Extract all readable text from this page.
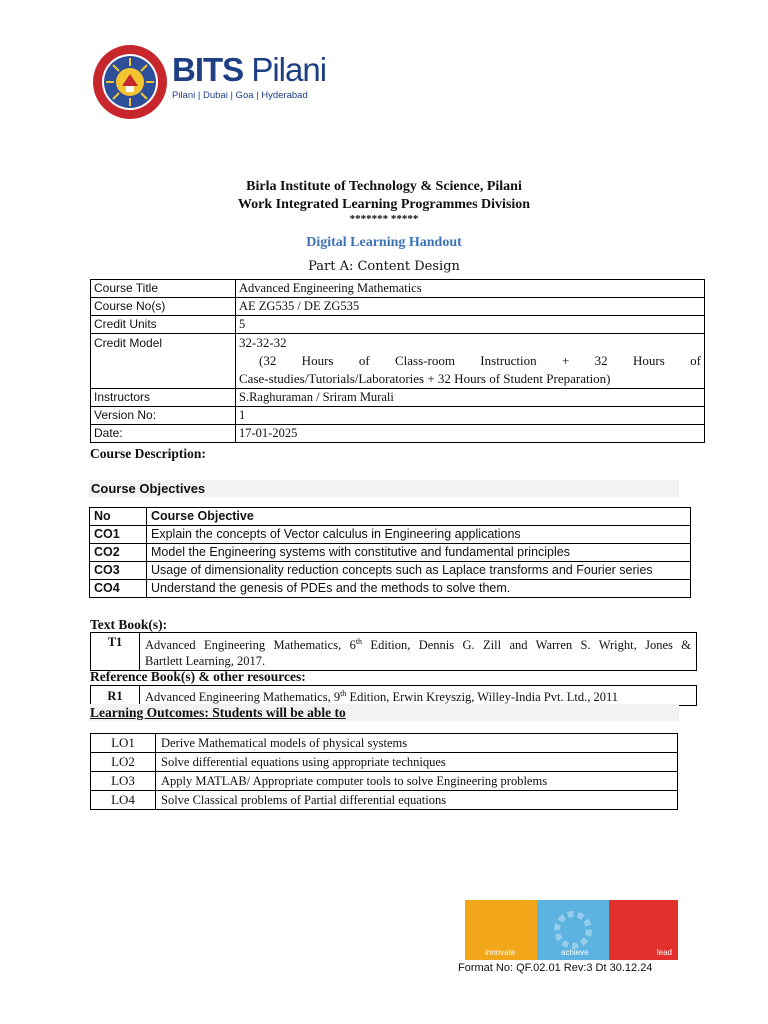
BITS Pilani
Pilani | Dubai | Goa | Hyderabad
Birla Institute of Technology & Science, Pilani
Work Integrated Learning Programmes Division
******* *****
Digital Learning Handout
Part A: Content Design
Course Title	Advanced Engineering Mathematics
Course No(s)	AE ZG535 / DE ZG535
Credit Units	5
Credit Model	32-32-32
(32 Hours of Class-room Instruction + 32 Hours of
Case-studies/Tutorials/Laboratories + 32 Hours of Student Preparation)

Instructors	S.Raghuraman / Sriram Murali
Version No:	1
Date:	17-01-2025
Course Description:
Course Objectives
No	Course Objective
CO1	Explain the concepts of Vector calculus in Engineering applications
CO2	Model the Engineering systems with constitutive and fundamental principles
CO3	Usage of dimensionality reduction concepts such as Laplace transforms and Fourier series
CO4	Understand the genesis of PDEs and the methods to solve them.
Text Book(s):
T1	Advanced Engineering Mathematics, 6th Edition, Dennis G. Zill and Warren S. Wright, Jones &
Bartlett Learning, 2017.
Reference Book(s) & other resources:
R1	Advanced Engineering Mathematics, 9th Edition, Erwin Kreyszig, Willey-India Pvt. Ltd., 2011
Learning Outcomes: Students will be able to
LO1	Derive Mathematical models of physical systems
LO2	Solve differential equations using appropriate techniques
LO3	Apply MATLAB/ Appropriate computer tools to solve Engineering problems
LO4	Solve Classical problems of Partial differential equations
innovate	achieve	lead
Format No: QF.02.01 Rev:3 Dt 30.12.24
